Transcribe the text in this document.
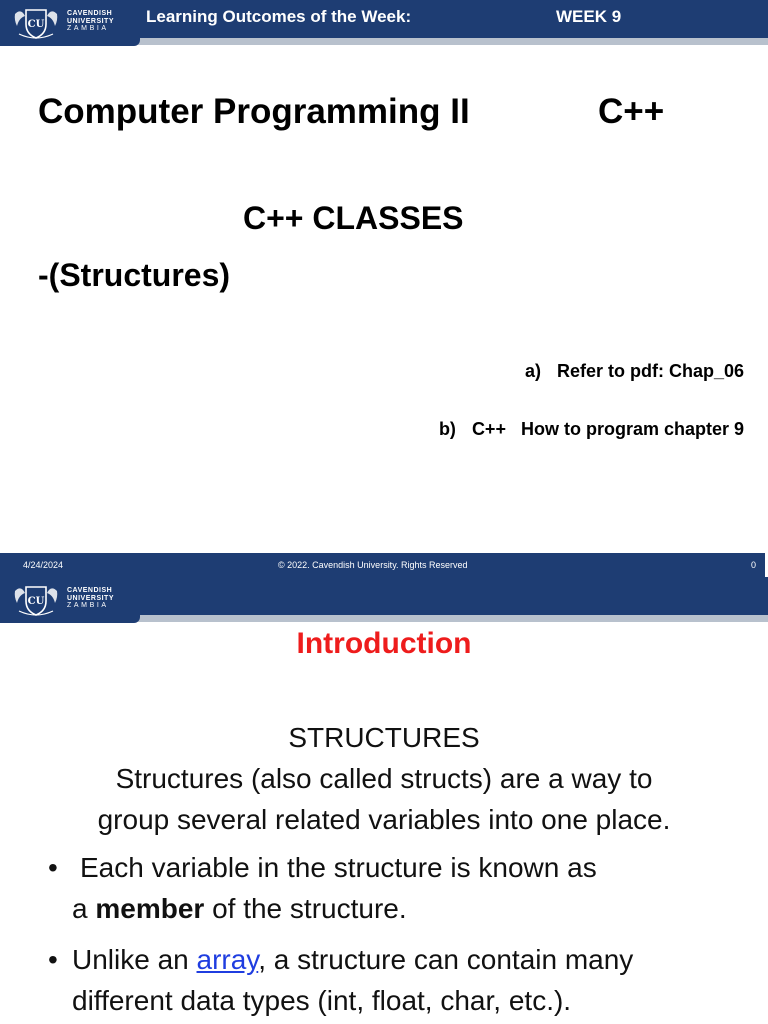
CU
CAVENDISH
UNIVERSITY
ZAMBIA
Learning Outcomes of the Week:	WEEK 9
Computer Programming II	C++
C++ CLASSES
-(Structures)
a) Refer to pdf: Chap_06

b) C++   How to program chapter 9

4/24/2024	© 2022. Cavendish University. Rights Reserved	0
CU
CAVENDISH
UNIVERSITY
ZAMBIA
Introduction
STRUCTURES
Structures (also called structs) are a way to
group several related variables into one place.
• Each variable in the structure is known as
a member of the structure.
• Unlike an array, a structure can contain many
different data types (int, float, char, etc.).
